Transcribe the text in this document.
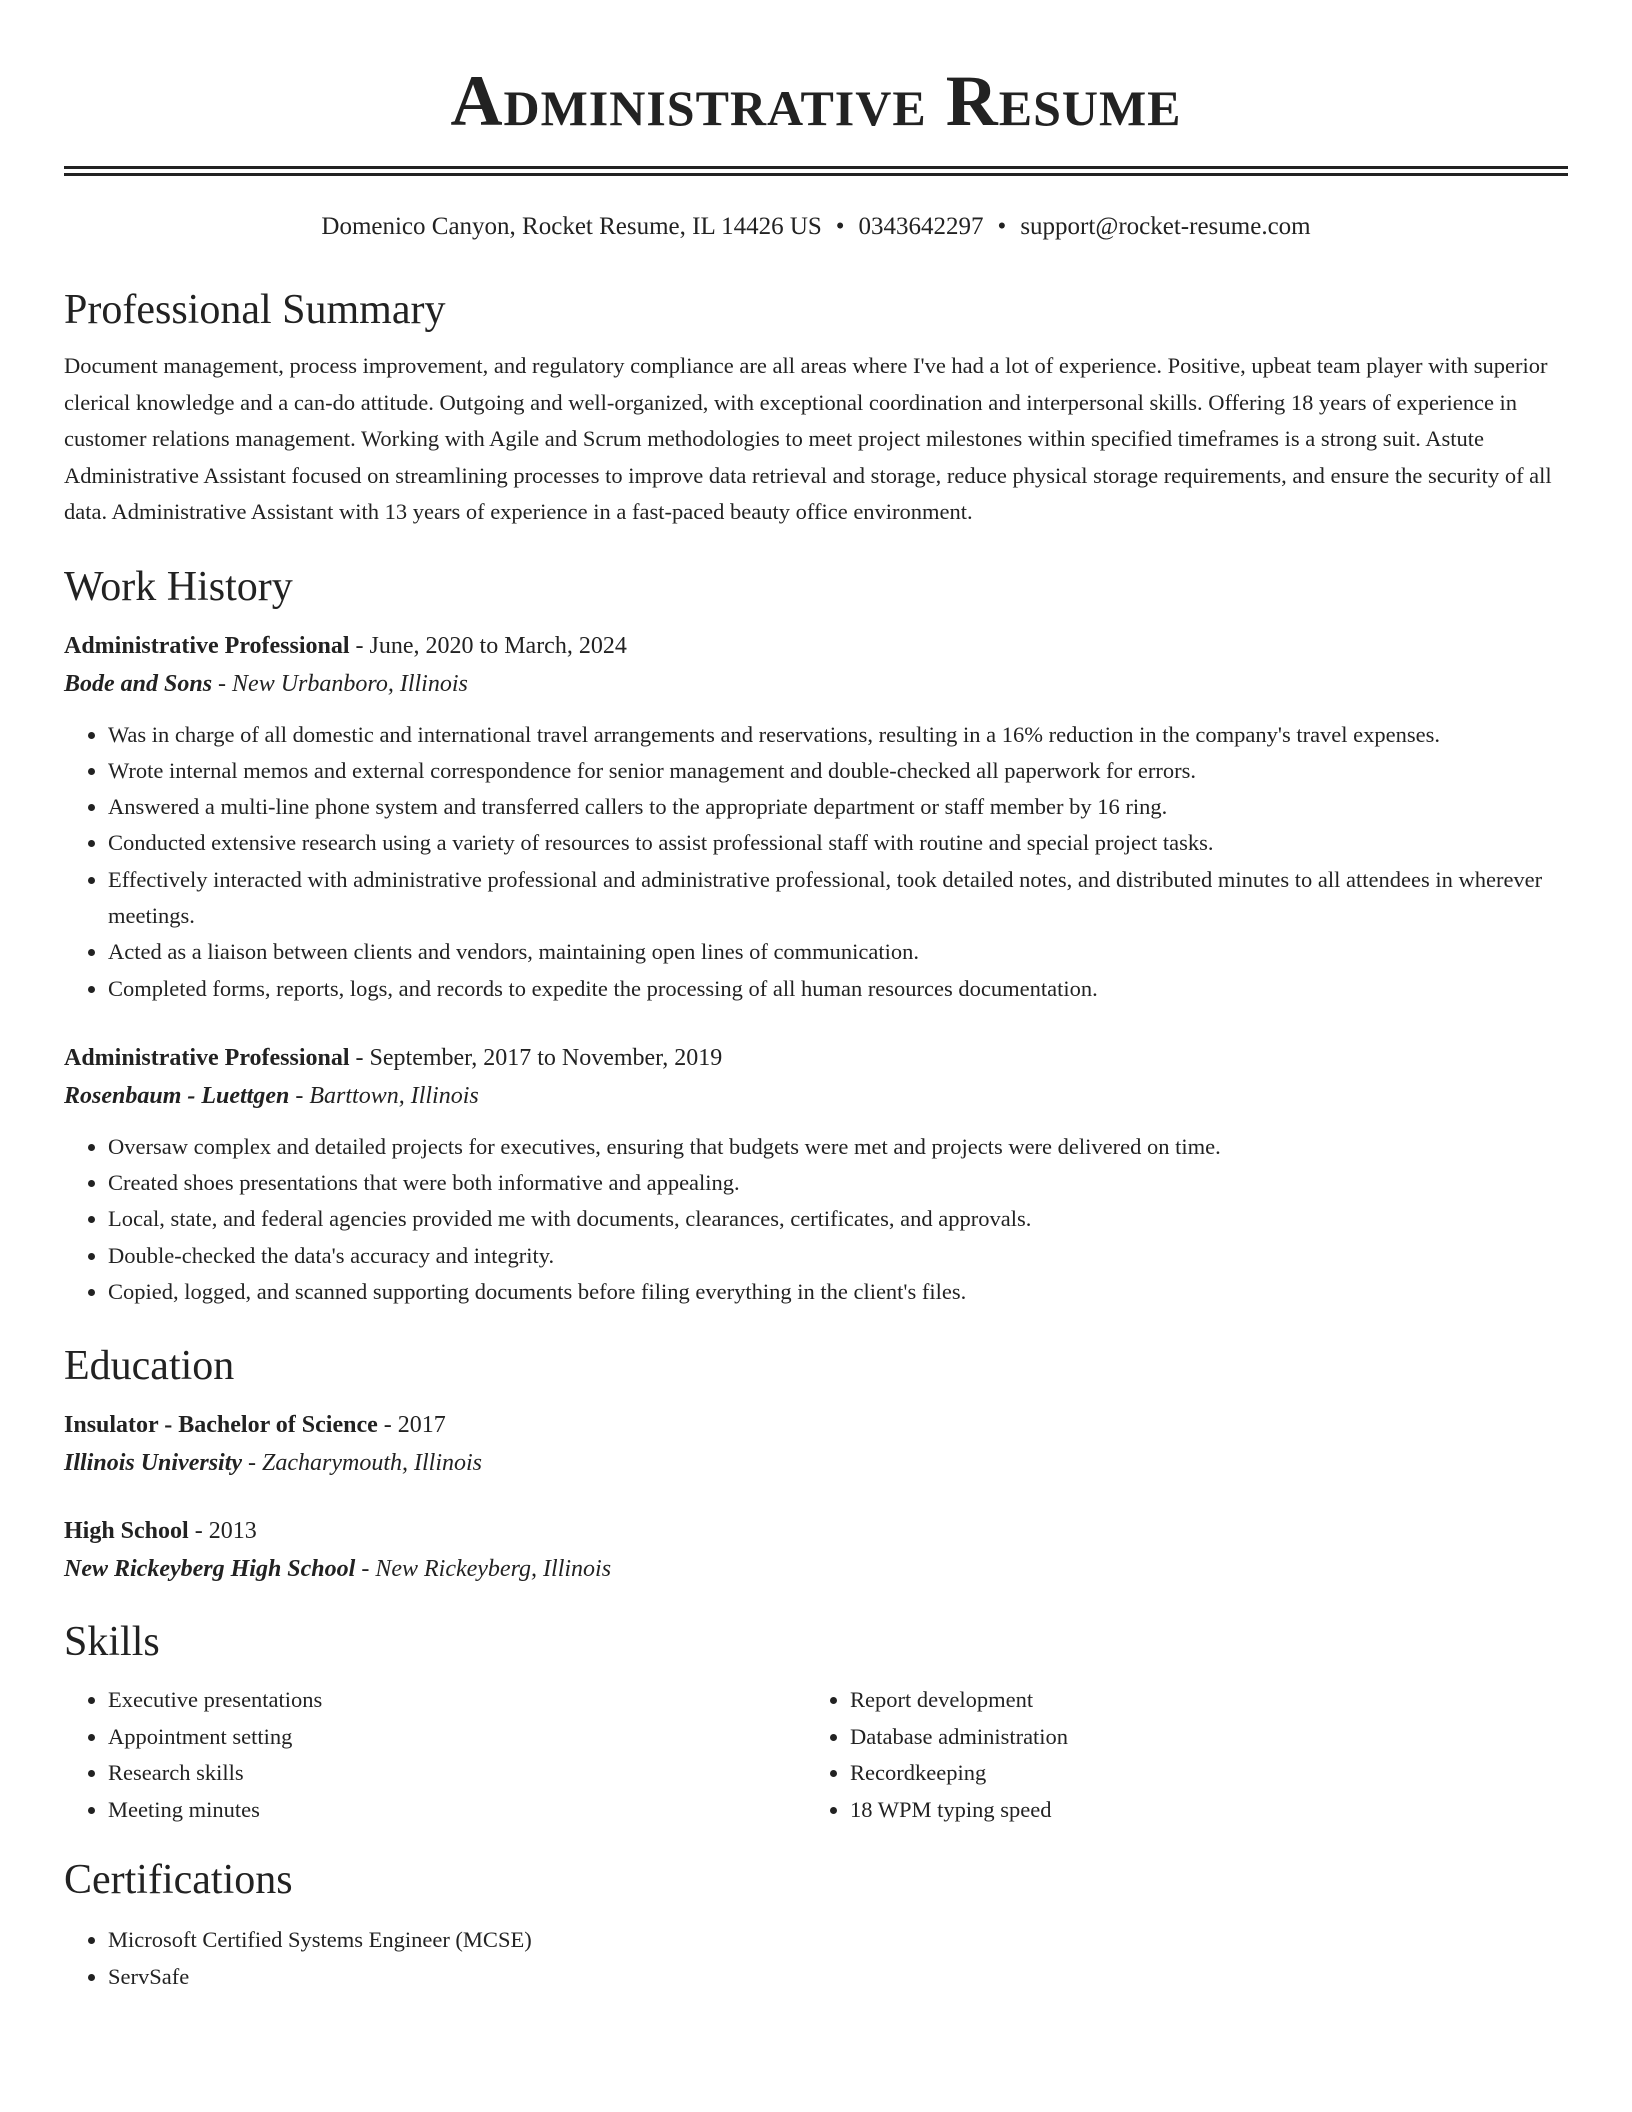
Administrative Resume
Domenico Canyon, Rocket Resume, IL 14426 US • 0343642297 • support@rocket-resume.com
Professional Summary

Document management, process improvement, and regulatory compliance are all areas where I've had a lot of experience. Positive, upbeat team player with superior clerical knowledge and a can-do attitude. Outgoing and well-organized, with exceptional coordination and interpersonal skills. Offering 18 years of experience in customer relations management. Working with Agile and Scrum methodologies to meet project milestones within specified timeframes is a strong suit. Astute Administrative Assistant focused on streamlining processes to improve data retrieval and storage, reduce physical storage requirements, and ensure the security of all data. Administrative Assistant with 13 years of experience in a fast-paced beauty office environment.

Work History
Administrative Professional - June, 2020 to March, 2024
Bode and Sons - New Urbanboro, Illinois
• Was in charge of all domestic and international travel arrangements and reservations, resulting in a 16% reduction in the company's travel expenses.
• Wrote internal memos and external correspondence for senior management and double-checked all paperwork for errors.
• Answered a multi-line phone system and transferred callers to the appropriate department or staff member by 16 ring.
• Conducted extensive research using a variety of resources to assist professional staff with routine and special project tasks.
• Effectively interacted with administrative professional and administrative professional, took detailed notes, and distributed minutes to all attendees in wherever meetings.
• Acted as a liaison between clients and vendors, maintaining open lines of communication.
• Completed forms, reports, logs, and records to expedite the processing of all human resources documentation.
Administrative Professional - September, 2017 to November, 2019
Rosenbaum - Luettgen - Barttown, Illinois
• Oversaw complex and detailed projects for executives, ensuring that budgets were met and projects were delivered on time.
• Created shoes presentations that were both informative and appealing.
• Local, state, and federal agencies provided me with documents, clearances, certificates, and approvals.
• Double-checked the data's accuracy and integrity.
• Copied, logged, and scanned supporting documents before filing everything in the client's files.
Education
Insulator - Bachelor of Science - 2017
Illinois University - Zacharymouth, Illinois
High School - 2013
New Rickeyberg High School - New Rickeyberg, Illinois
Skills
• Executive presentations
• Appointment setting
• Research skills
• Meeting minutes
• Report development
• Database administration
• Recordkeeping
• 18 WPM typing speed
Certifications
• Microsoft Certified Systems Engineer (MCSE)
• ServSafe
